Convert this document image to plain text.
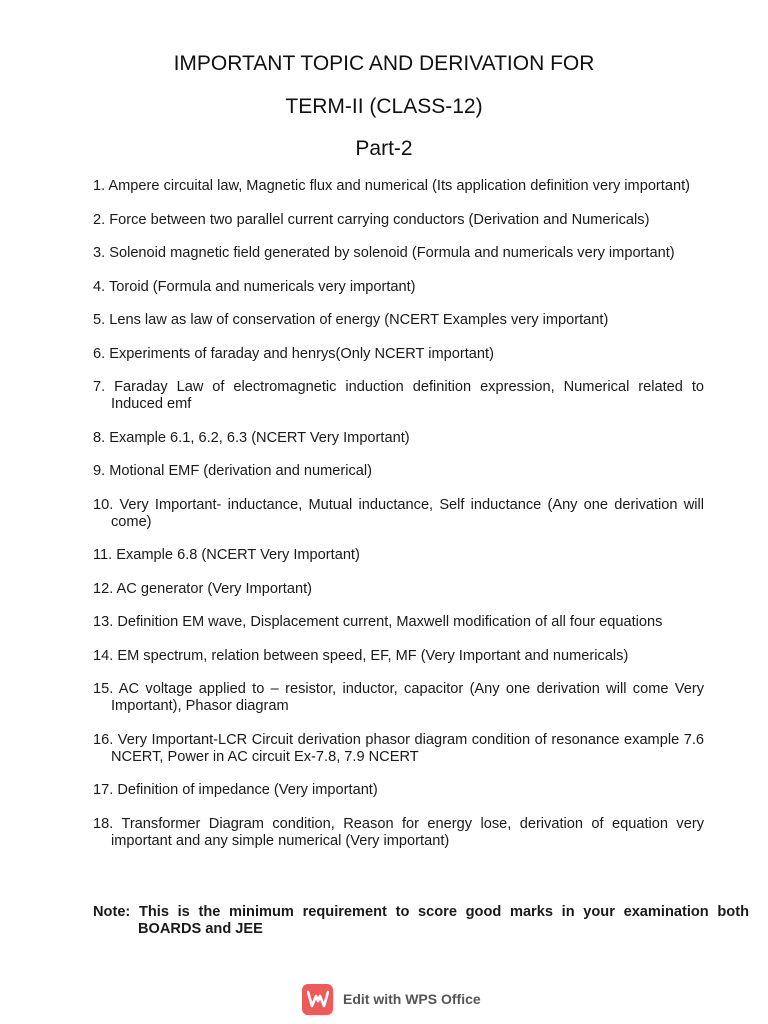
IMPORTANT TOPIC AND DERIVATION FOR
TERM-II (CLASS-12)
Part-2
1. Ampere circuital law, Magnetic flux and numerical (Its application definition very important)
2. Force between two parallel current carrying conductors (Derivation and Numericals)
3. Solenoid magnetic field generated by solenoid (Formula and numericals very important)
4. Toroid (Formula and numericals very important)
5. Lens law as law of conservation of energy (NCERT Examples very important)
6. Experiments of faraday and henrys(Only NCERT important)
7. Faraday Law of electromagnetic induction definition expression, Numerical related to Induced emf
8. Example 6.1, 6.2, 6.3 (NCERT Very Important)
9. Motional EMF (derivation and numerical)
10. Very Important- inductance, Mutual inductance, Self inductance (Any one derivation will come)
11. Example 6.8 (NCERT Very Important)
12. AC generator (Very Important)
13. Definition EM wave, Displacement current, Maxwell modification of all four equations
14. EM spectrum, relation between speed, EF, MF (Very Important and numericals)
15. AC voltage applied to – resistor, inductor, capacitor (Any one derivation will come Very Important), Phasor diagram
16. Very Important-LCR Circuit derivation phasor diagram condition of resonance example 7.6 NCERT, Power in AC circuit Ex-7.8, 7.9 NCERT
17. Definition of impedance (Very important)
18. Transformer Diagram condition, Reason for energy lose, derivation of equation very important and any simple numerical (Very important)
Note: This is the minimum requirement to score good marks in your examination both BOARDS and JEE
Edit with WPS Office
